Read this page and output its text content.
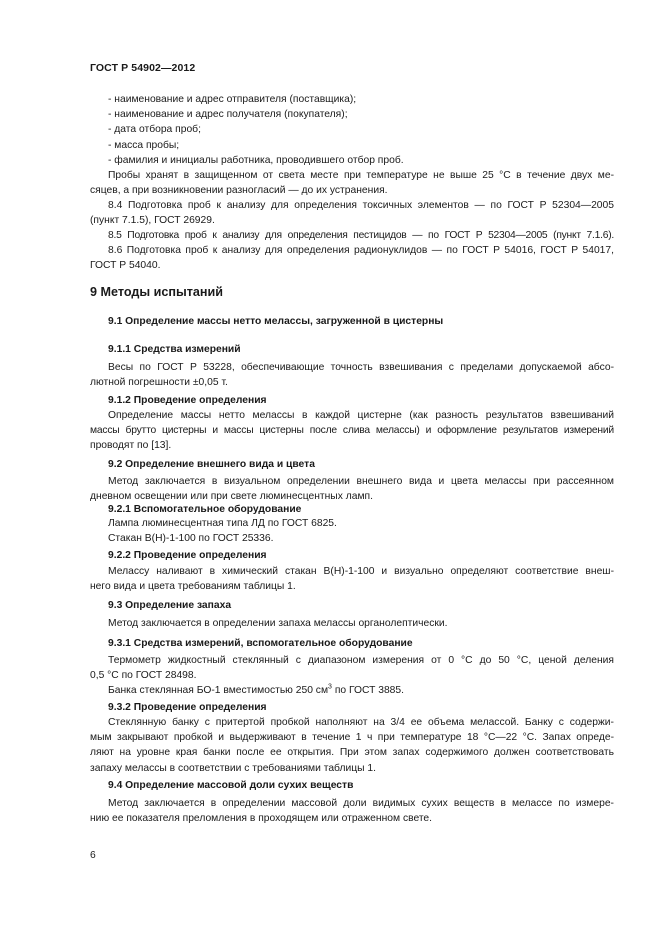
ГОСТ Р 54902—2012

- наименование и адрес отправителя (поставщика);

- наименование и адрес получателя (покупателя);

- дата отбора проб;

- масса пробы;

- фамилия и инициалы работника, проводившего отбор проб.

Пробы хранят в защищенном от света месте при температуре не выше 25 °С в течение двух ме-

сяцев, а при возникновении разногласий — до их устранения.

8.4 Подготовка проб к анализу для определения токсичных элементов — по ГОСТ Р 52304—2005

(пункт 7.1.5), ГОСТ 26929.

8.5 Подготовка проб к анализу для определения пестицидов — по ГОСТ Р 52304—2005 (пункт 7.1.6).

8.6 Подготовка проб к анализу для определения радионуклидов — по ГОСТ Р 54016, ГОСТ Р 54017,

ГОСТ Р 54040.

9 Методы испытаний
9.1 Определение массы нетто мелассы, загруженной в цистерны
9.1.1 Средства измерений

Весы по ГОСТ Р 53228, обеспечивающие точность взвешивания с пределами допускаемой абсо-

лютной погрешности ±0,05 т.

9.1.2 Проведение определения

Определение массы нетто мелассы в каждой цистерне (как разность результатов взвешиваний

массы брутто цистерны и массы цистерны после слива мелассы) и оформление результатов измерений

проводят по [13].

9.2 Определение внешнего вида и цвета

Метод заключается в визуальном определении внешнего вида и цвета мелассы при рассеянном

дневном освещении или при свете люминесцентных ламп.

9.2.1 Вспомогательное оборудование

Лампа люминесцентная типа ЛД по ГОСТ 6825.

Стакан В(Н)-1-100 по ГОСТ 25336.

9.2.2 Проведение определения

Мелассу наливают в химический стакан В(Н)-1-100 и визуально определяют соответствие внеш-

него вида и цвета требованиям таблицы 1.

9.3 Определение запаха

Метод заключается в определении запаха мелассы органолептически.

9.3.1 Средства измерений, вспомогательное оборудование

Термометр жидкостный стеклянный с диапазоном измерения от 0 °С до 50 °С, ценой деления

0,5 °С по ГОСТ 28498.

Банка стеклянная БО-1 вместимостью 250 $см^3$ по ГОСТ 3885.

9.3.2 Проведение определения

Стеклянную банку с притертой пробкой наполняют на 3/4 ее объема мелассой. Банку с содержи-

мым закрывают пробкой и выдерживают в течение 1 ч при температуре 18 °С—22 °С. Запах опреде-

ляют на уровне края банки после ее открытия. При этом запах содержимого должен соответствовать

запаху мелассы в соответствии с требованиями таблицы 1.

9.4 Определение массовой доли сухих веществ

Метод заключается в определении массовой доли видимых сухих веществ в мелассе по измере-

нию ее показателя преломления в проходящем или отраженном свете.

6
